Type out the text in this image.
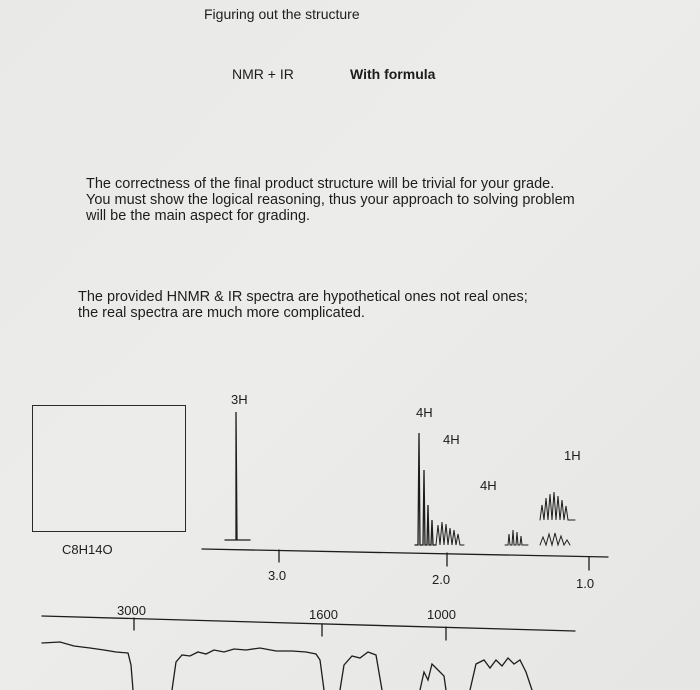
Figuring out the structure
NMR + IR	With formula
The correctness of the final product structure will be trivial for your grade.
You must show the logical reasoning, thus your approach to solving problem
will be the main aspect for grading.
The provided HNMR & IR spectra are hypothetical ones not real ones;
the real spectra are much more complicated.
C8H14O
3H
4H
4H
4H
1H
3.0	2.0	1.0
3000	1600	1000
